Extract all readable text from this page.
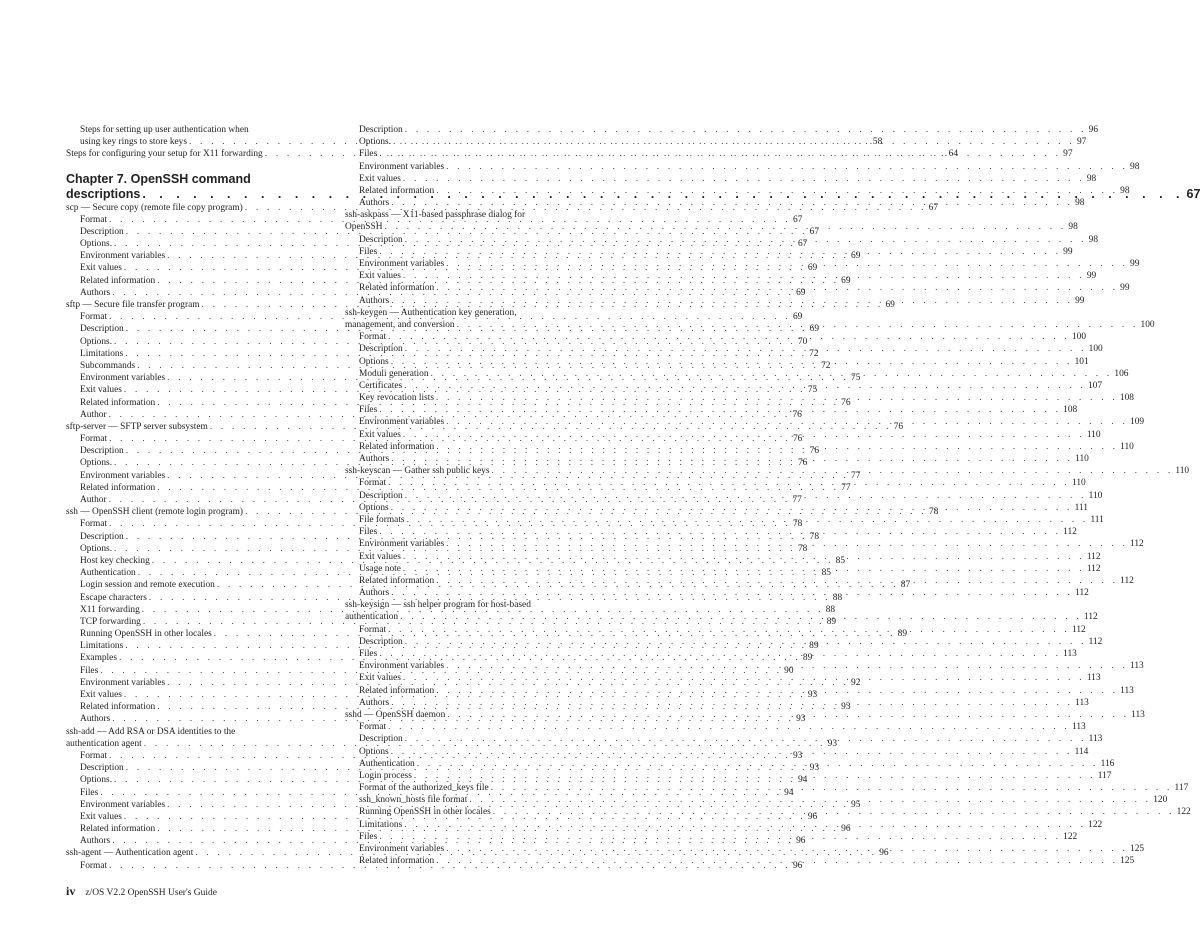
Steps for setting up user authentication when
using key rings to store keys . . .	58
Steps for configuring your setup for X11 forwarding . . .	64
Chapter 7. OpenSSH command
descriptions . . .	67
scp — Secure copy (remote file copy program) . . .	67
Format . . .	67
Description . . .	67
Options. . . .	67
Environment variables . . .	69
Exit values . . .	69
Related information . . .	69
Authors . . .	69
sftp — Secure file transfer program . . .	69
Format . . .	69
Description . . .	69
Options. . . .	70
Limitations . . .	72
Subcommands . . .	72
Environment variables . . .	75
Exit values . . .	75
Related information . . .	76
Author . . .	76
sftp-server — SFTP server subsystem . . .	76
Format . . .	76
Description . . .	76
Options. . . .	76
Environment variables . . .	77
Related information . . .	77
Author . . .	77
ssh — OpenSSH client (remote login program) . . .	78
Format . . .	78
Description . . .	78
Options. . . .	78
Host key checking . . .	85
Authentication . . .	85
Login session and remote execution . . .	87
Escape characters . . .	88
X11 forwarding . . .	88
TCP forwarding . . .	89
Running OpenSSH in other locales . . .	89
Limitations . . .	89
Examples . . .	89
Files . . .	90
Environment variables . . .	92
Exit values . . .	93
Related information . . .	93
Authors . . .	93
ssh-add — Add RSA or DSA identities to the
authentication agent . . .	93
Format . . .	93
Description . . .	93
Options. . . .	94
Files . . .	94
Environment variables . . .	95
Exit values . . .	96
Related information . . .	96
Authors . . .	96
ssh-agent — Authentication agent . . .	96
Format . . .	96
Description . . .	96
Options. . . .	97
Files . . .	97
Environment variables . . .	98
Exit values . . .	98
Related information . . .	98
Authors . . .	98
ssh-askpass — X11-based passphrase dialog for
OpenSSH . . .	98
Description . . .	98
Files . . .	99
Environment variables . . .	99
Exit values . . .	99
Related information . . .	99
Authors . . .	99
ssh-keygen — Authentication key generation,
management, and conversion . . .	100
Format . . .	100
Description . . .	100
Options . . .	101
Moduli generation . . .	106
Certificates . . .	107
Key revocation lists . . .	108
Files . . .	108
Environment variables . . .	109
Exit values . . .	110
Related information . . .	110
Authors . . .	110
ssh-keyscan — Gather ssh public keys . . .	110
Format . . .	110
Description . . .	110
Options . . .	111
File formats . . .	111
Files . . .	112
Environment variables . . .	112
Exit values . . .	112
Usage note . . .	112
Related information . . .	112
Authors . . .	112
ssh-keysign — ssh helper program for host-based
authentication . . .	112
Format . . .	112
Description . . .	112
Files . . .	113
Environment variables . . .	113
Exit values . . .	113
Related information . . .	113
Authors . . .	113
sshd — OpenSSH daemon . . .	113
Format . . .	113
Description . . .	113
Options . . .	114
Authentication . . .	116
Login process . . .	117
Format of the authorized_keys file . . .	117
ssh_known_hosts file format . . .	120
Running OpenSSH in other locales . . .	122
Limitations . . .	122
Files . . .	122
Environment variables . . .	125
Related information . . .	125
iv z/OS V2.2 OpenSSH User's Guide
